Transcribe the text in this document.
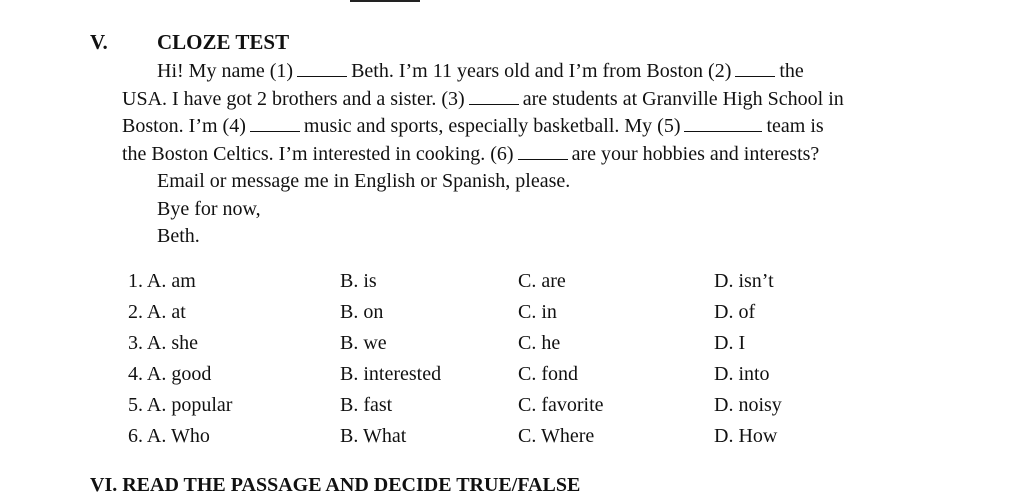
V. CLOZE TEST
Hi! My name (1)	Beth. I’m 11 years old and I’m from Boston (2) the
USA. I have got 2 brothers and a sister. (3)	are students at Granville High School in
Boston. I’m (4)	music and sports, especially basketball. My (5)	team is
the Boston Celtics. I’m interested in cooking. (6)	are your hobbies and interests?
Email or message me in English or Spanish, please.
Bye for now,
Beth.
1. A. am	B. is	C. are	D. isn’t
2. A. at	B. on	C. in	D. of
3. A. she	B. we	C. he	D. I
4. A. good	B. interested	C. fond	D. into
5. A. popular	B. fast	C. favorite	D. noisy
6. A. Who	B. What	C. Where	D. How
VI. READ THE PASSAGE AND DECIDE TRUE/FALSE
